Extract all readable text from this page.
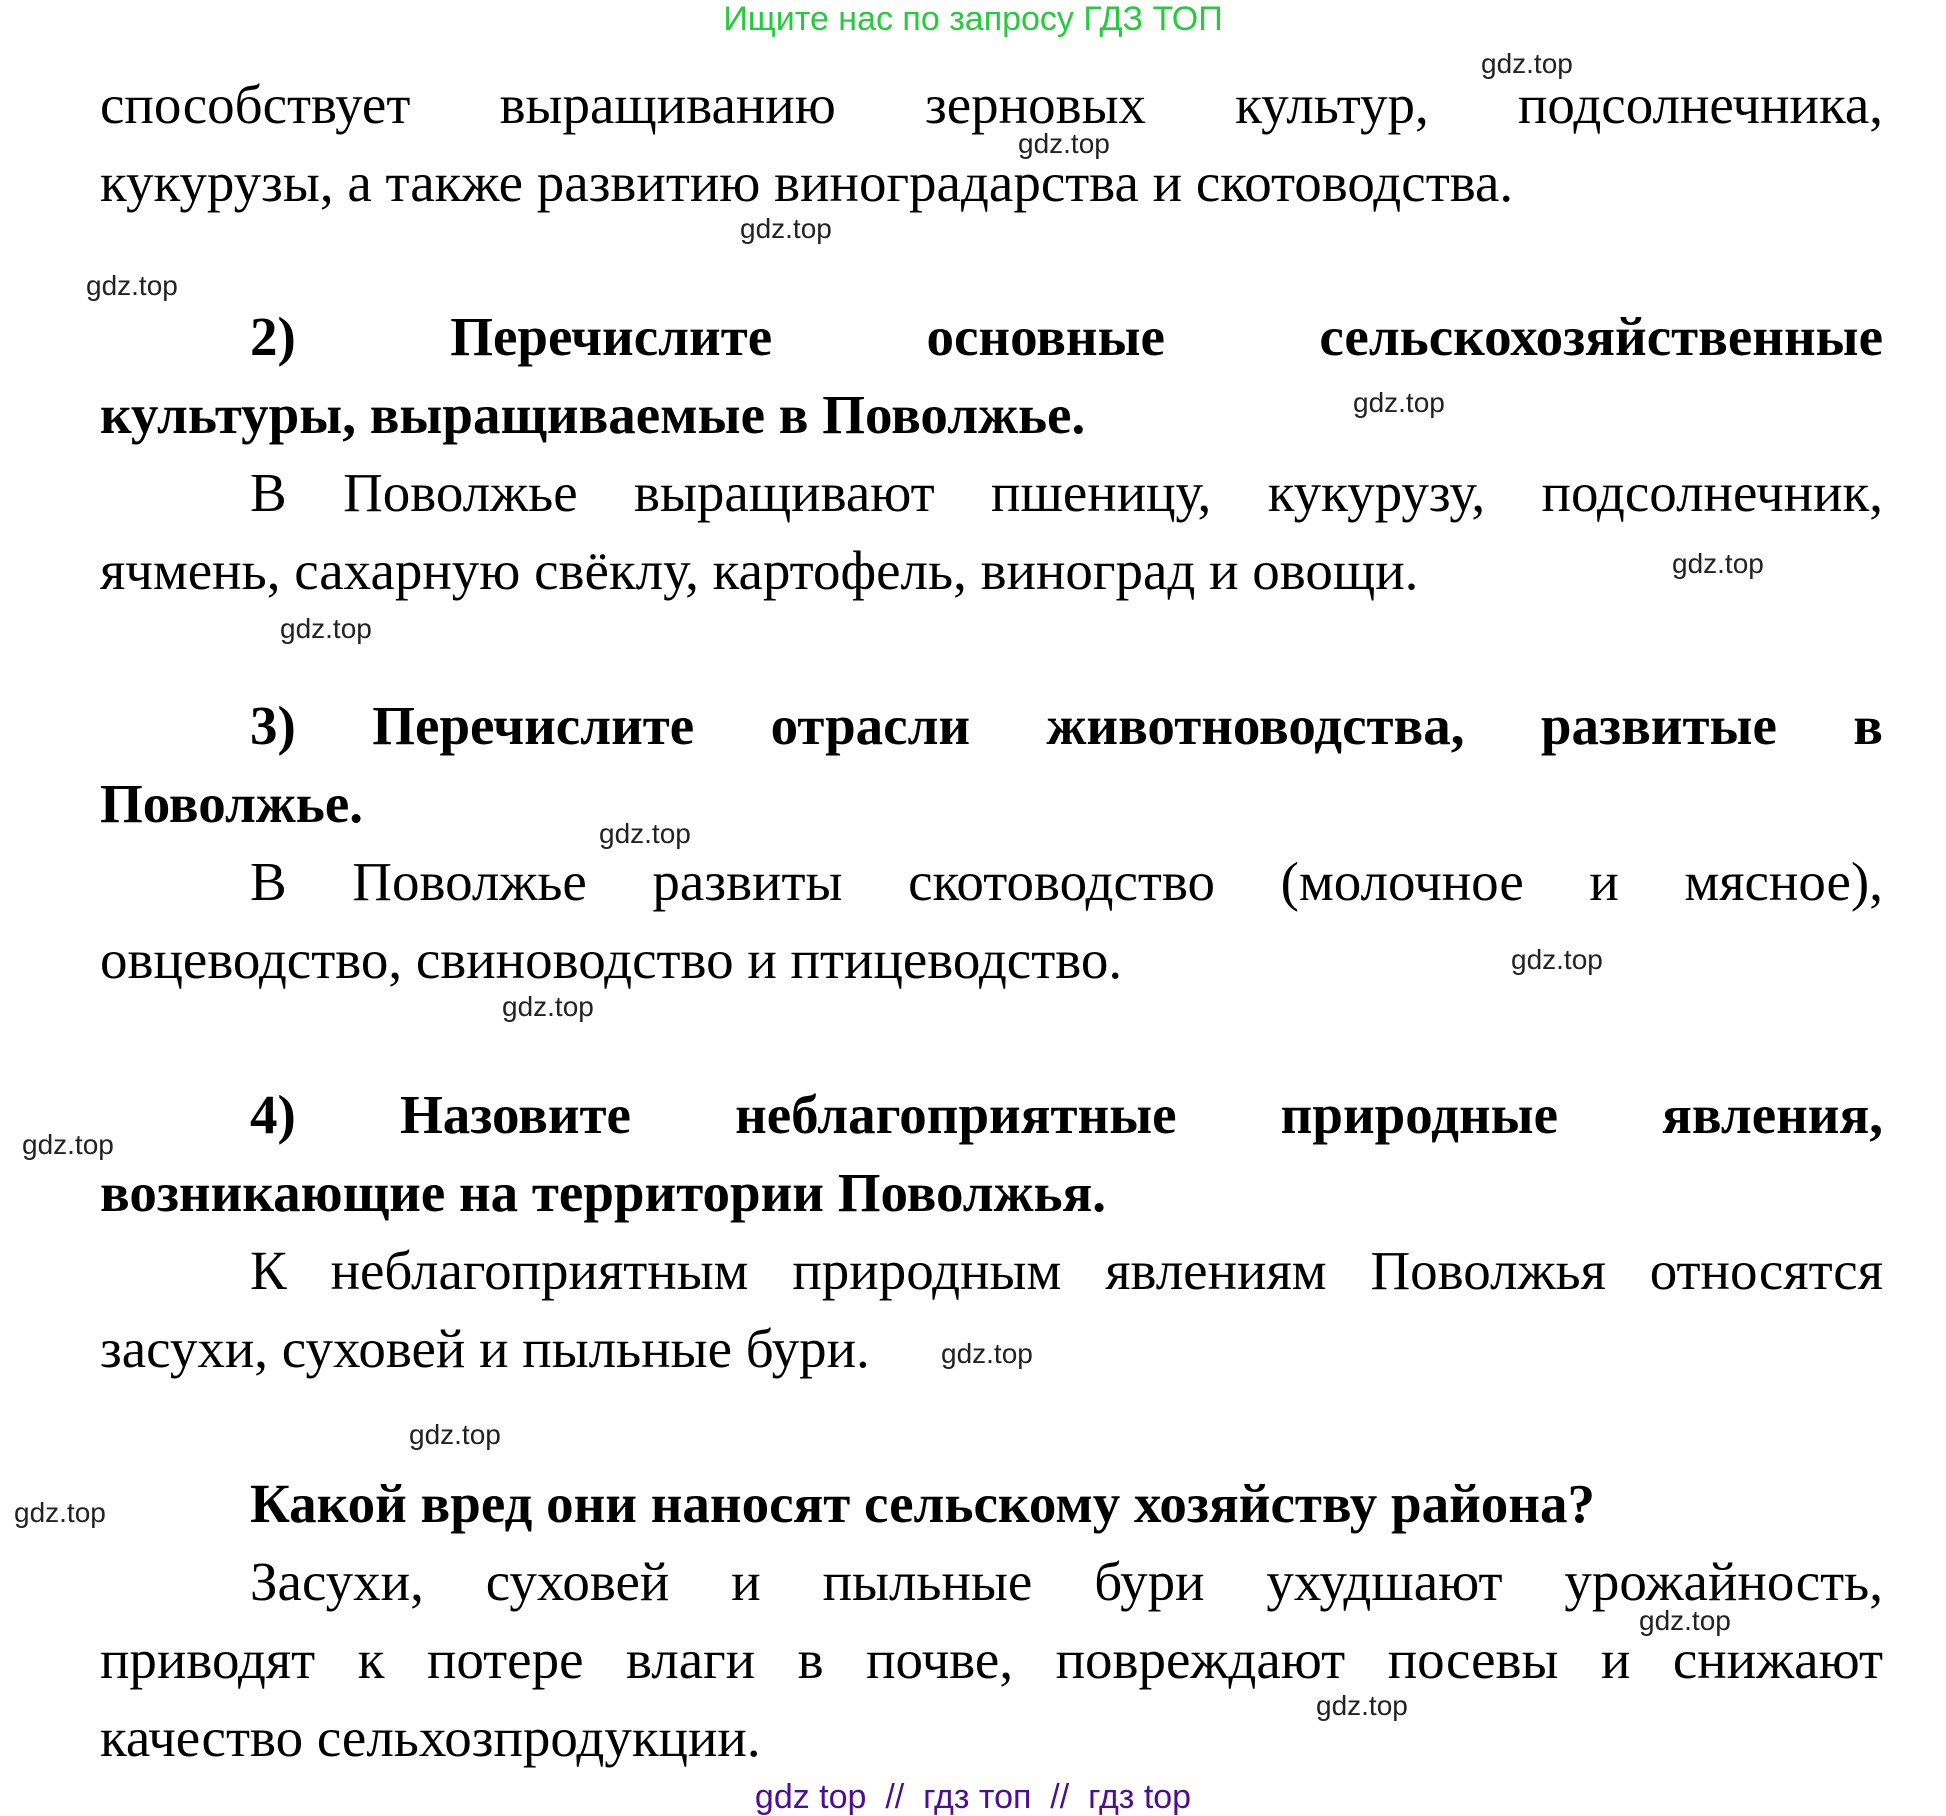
Ищите нас по запросу ГДЗ ТОП
способствует выращиванию зерновых культур, подсолнечника,
кукурузы, а также развитию виноградарства и скотоводства.
2)	Перечислите основные сельскохозяйственные
культуры, выращиваемые в Поволжье.
В Поволжье выращивают пшеницу, кукурузу, подсолнечник,
ячмень, сахарную свёклу, картофель, виноград и овощи.
3) Перечислите отрасли животноводства, развитые в
Поволжье.
В Поволжье развиты скотоводство (молочное и мясное),
овцеводство, свиноводство и птицеводство.
4) Назовите неблагоприятные природные явления,
возникающие на территории Поволжья.
К неблагоприятным природным явлениям Поволжья относятся
засухи, суховей и пыльные бури.
Какой вред они наносят сельскому хозяйству района?
Засухи, суховей и пыльные бури ухудшают урожайность,
приводят к потере влаги в почве, повреждают посевы и снижают
качество сельхозпродукции.
gdz.top
gdz.top
gdz.top
gdz.top
gdz.top
gdz.top
gdz.top
gdz.top
gdz.top
gdz.top
gdz.top
gdz.top
gdz.top
gdz.top
gdz.top
gdz.top
gdz top  //  гдз топ  //  гдз top
